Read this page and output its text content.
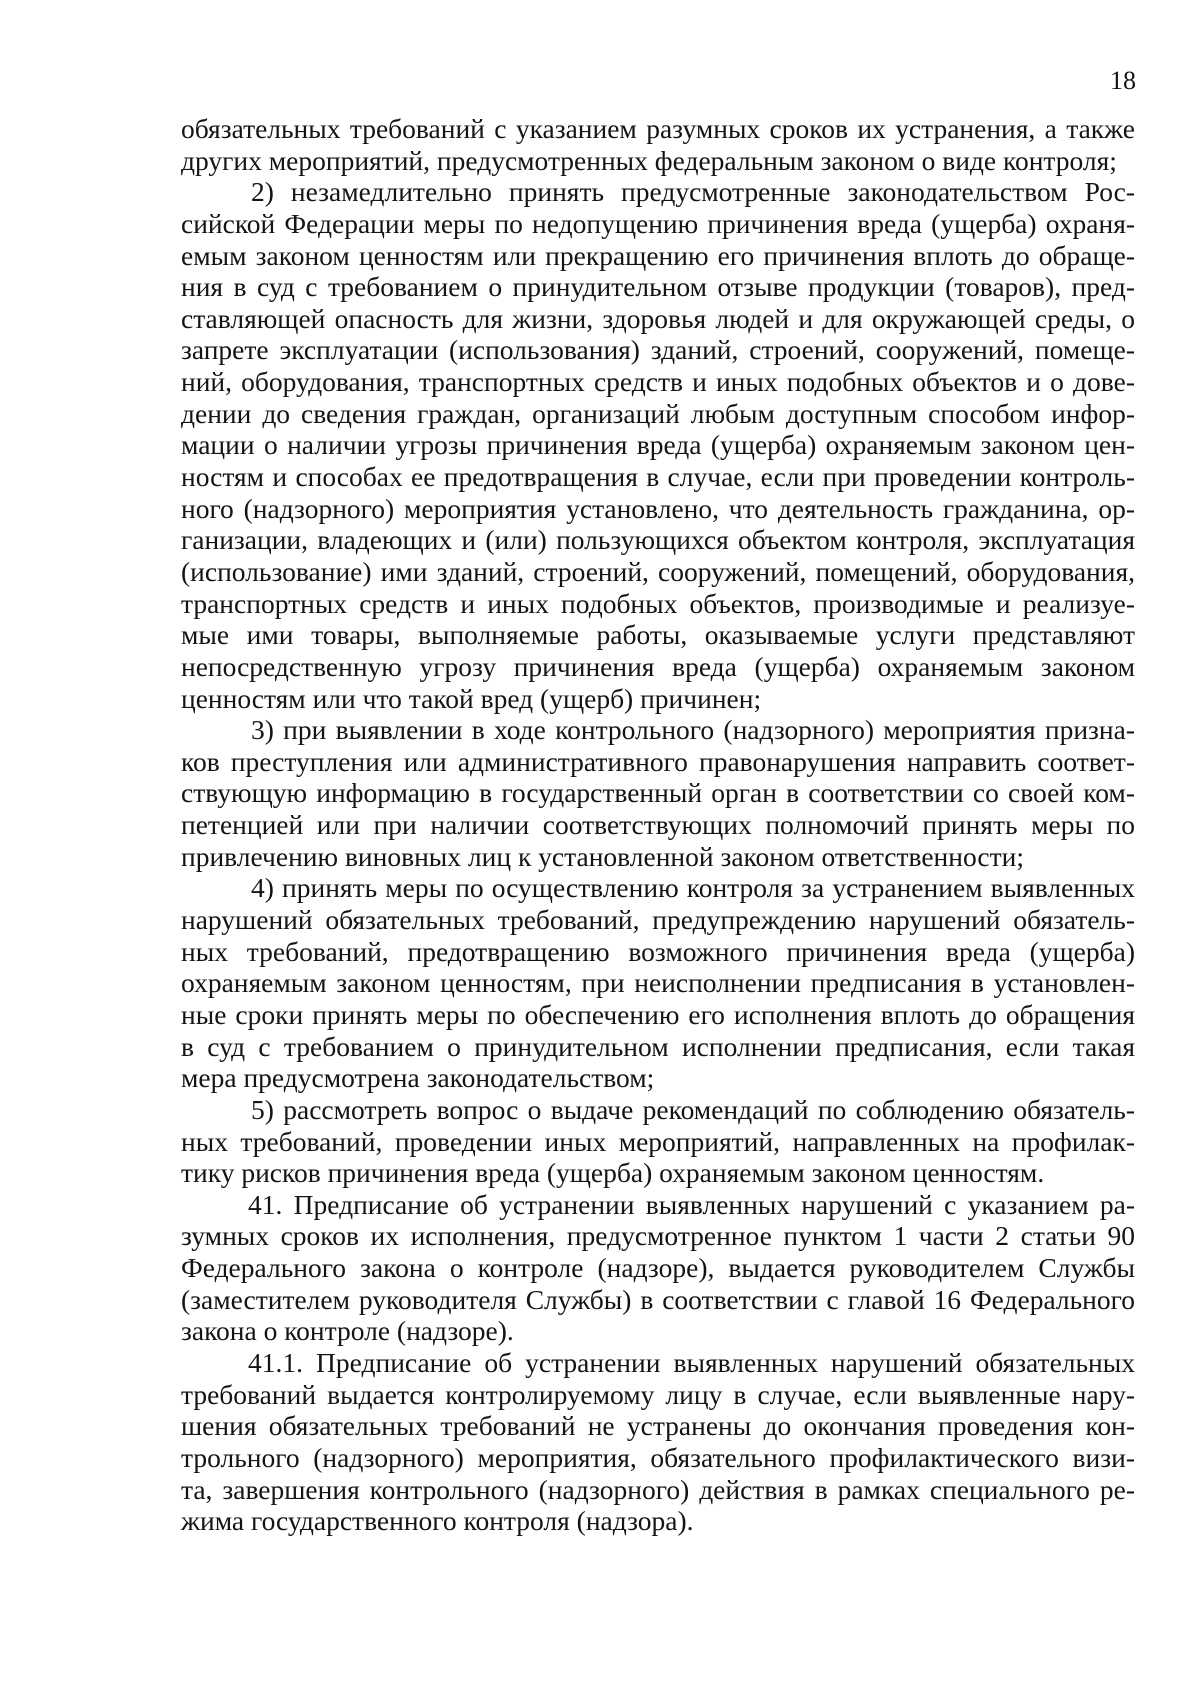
18
обязательных требований с указанием разумных сроков их устранения, а также
других мероприятий, предусмотренных федеральным законом о виде контроля;
2) незамедлительно принять предусмотренные законодательством Рос-
сийской Федерации меры по недопущению причинения вреда (ущерба) охраня-
емым законом ценностям или прекращению его причинения вплоть до обраще-
ния в суд с требованием о принудительном отзыве продукции (товаров), пред-
ставляющей опасность для жизни, здоровья людей и для окружающей среды, о
запрете эксплуатации (использования) зданий, строений, сооружений, помеще-
ний, оборудования, транспортных средств и иных подобных объектов и о дове-
дении до сведения граждан, организаций любым доступным способом инфор-
мации о наличии угрозы причинения вреда (ущерба) охраняемым законом цен-
ностям и способах ее предотвращения в случае, если при проведении контроль-
ного (надзорного) мероприятия установлено, что деятельность гражданина, ор-
ганизации, владеющих и (или) пользующихся объектом контроля, эксплуатация
(использование) ими зданий, строений, сооружений, помещений, оборудования,
транспортных средств и иных подобных объектов, производимые и реализуе-
мые ими товары, выполняемые работы, оказываемые услуги представляют
непосредственную угрозу причинения вреда (ущерба) охраняемым законом
ценностям или что такой вред (ущерб) причинен;
3) при выявлении в ходе контрольного (надзорного) мероприятия призна-
ков преступления или административного правонарушения направить соответ-
ствующую информацию в государственный орган в соответствии со своей ком-
петенцией или при наличии соответствующих полномочий принять меры по
привлечению виновных лиц к установленной законом ответственности;
4) принять меры по осуществлению контроля за устранением выявленных
нарушений обязательных требований, предупреждению нарушений обязатель-
ных требований, предотвращению возможного причинения вреда (ущерба)
охраняемым законом ценностям, при неисполнении предписания в установлен-
ные сроки принять меры по обеспечению его исполнения вплоть до обращения
в суд с требованием о принудительном исполнении предписания, если такая
мера предусмотрена законодательством;
5) рассмотреть вопрос о выдаче рекомендаций по соблюдению обязатель-
ных требований, проведении иных мероприятий, направленных на профилак-
тику рисков причинения вреда (ущерба) охраняемым законом ценностям.
41. Предписание об устранении выявленных нарушений с указанием ра-
зумных сроков их исполнения, предусмотренное пунктом 1 части 2 статьи 90
Федерального закона о контроле (надзоре), выдается руководителем Службы
(заместителем руководителя Службы) в соответствии с главой 16 Федерального
закона о контроле (надзоре).
41.1. Предписание об устранении выявленных нарушений обязательных
требований выдается контролируемому лицу в случае, если выявленные нару-
шения обязательных требований не устранены до окончания проведения кон-
трольного (надзорного) мероприятия, обязательного профилактического визи-
та, завершения контрольного (надзорного) действия в рамках специального ре-
жима государственного контроля (надзора).
